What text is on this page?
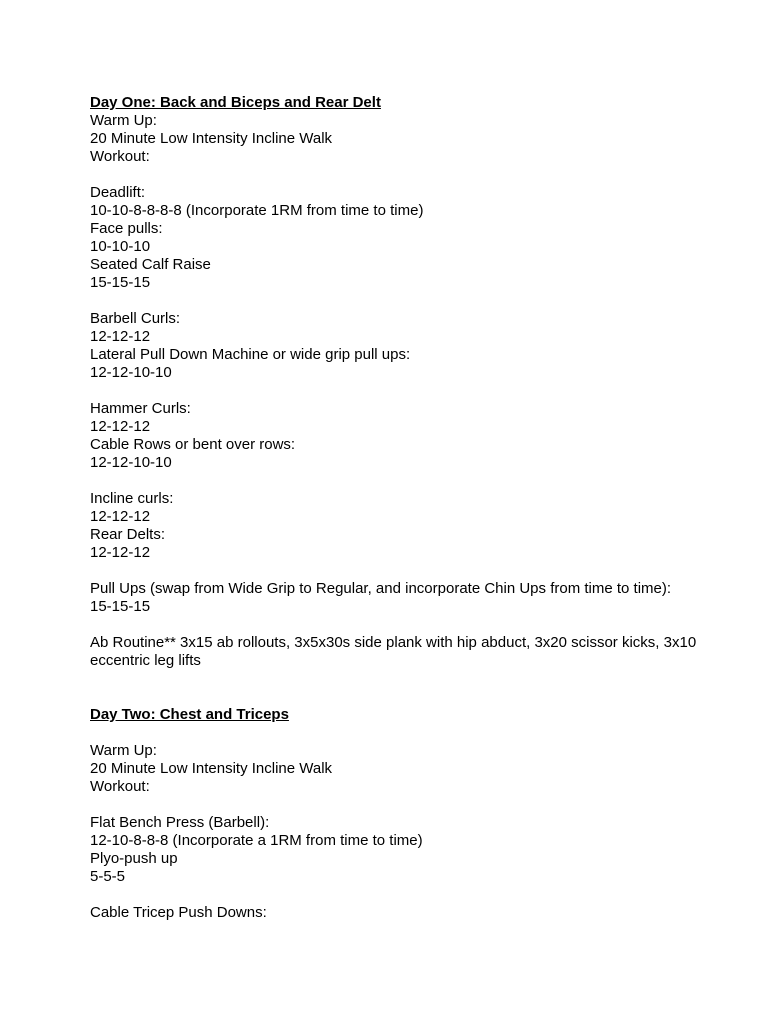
Day One: Back and Biceps and Rear Delt
Warm Up:
20 Minute Low Intensity Incline Walk
Workout:
Deadlift:
10-10-8-8-8-8 (Incorporate 1RM from time to time)
Face pulls:
10-10-10
Seated Calf Raise
15-15-15
Barbell Curls:
12-12-12
Lateral Pull Down Machine or wide grip pull ups:
12-12-10-10
Hammer Curls:
12-12-12
Cable Rows or bent over rows:
12-12-10-10
Incline curls:
12-12-12
Rear Delts:
12-12-12
Pull Ups (swap from Wide Grip to Regular, and incorporate Chin Ups from time to time):
15-15-15
Ab Routine** 3x15 ab rollouts, 3x5x30s side plank with hip abduct, 3x20 scissor kicks, 3x10 eccentric leg lifts
Day Two: Chest and Triceps
Warm Up:
20 Minute Low Intensity Incline Walk
Workout:
Flat Bench Press (Barbell):
12-10-8-8-8 (Incorporate a 1RM from time to time)
Plyo-push up
5-5-5
Cable Tricep Push Downs:
